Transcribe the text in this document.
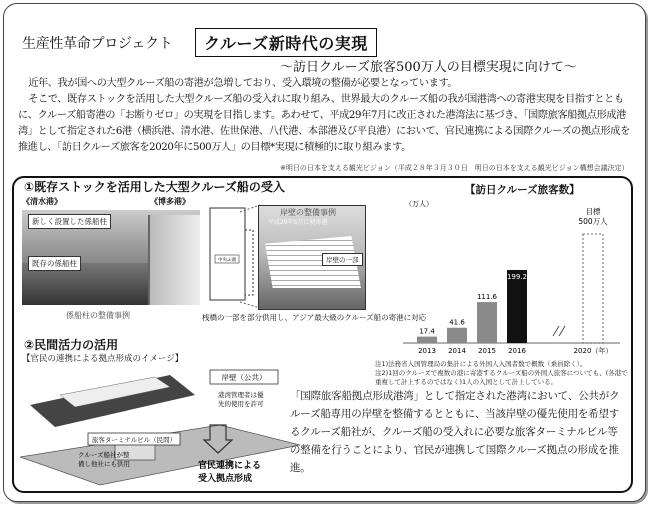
生産性革命プロジェクト	クルーズ新時代の実現
～訪日クルーズ旅客500万人の目標実現に向けて～

近年、我が国への大型クルーズ船の寄港が急増しており、受入環境の整備が必要となっています。

そこで、既存ストックを活用した大型クルーズ船の受入れに取り組み、世界最大のクルーズ船の我が国港湾への寄港実現を目指すとともに、クルーズ船寄港の「お断りゼロ」の実現を目指します。あわせて、平成29年7月に改正された港湾法に基づき、「国際旅客船拠点形成港湾」として指定された6港（横浜港、清水港、佐世保港、八代港、本部港及び平良港）において、官民連携による国際クルーズの拠点形成を推進し、「訪日クルーズ旅客を2020年に500万人」の目標*実現に積極的に取り組みます。

※明日の日本を支える観光ビジョン（平成２８年３月３０日　明日の日本を支える観光ビジョン構想会議決定）
①既存ストックを活用した大型クルーズ船の受入
《清水港》	《博多港》
新しく設置した係船柱
既存の係船柱
係船柱の整備事例
中央ふ頭
岸壁の整備事例
平成29年5月に初寄港
岸壁の一部
桟橋の一部を部分供用し、アジア最大級のクルーズ船の寄港に対応
【訪日クルーズ旅客数】
（万人）
2013
17.4
2014
41.6
2015
111.6
2016
199.2
2020（年）
目標
500万人
注1)法務省入国管理局の集計による外国人入国者数で概数（乗員除く）。
注2)1回のクルーズで複数の港に寄港するクルーズ船の外国人旅客についても、(各港で重複して計上するのではなく)1人の入国として計上している。
②民間活力の活用
【官民の連携による拠点形成のイメージ】
岸壁（公共）
港湾管理者は優
先的使用を許可
旅客ターミナルビル（民間）
クルーズ船社が整
備し他社にも供用	官民連携による
受入拠点形成
「国際旅客船拠点形成港湾」として指定された港湾において、公共がクルーズ船専用の岸壁を整備するとともに、当該岸壁の優先使用を希望するクルーズ船社が、クルーズ船の受入れに必要な旅客ターミナルビル等の整備を行うことにより、官民が連携して国際クルーズ拠点の形成を推進。
